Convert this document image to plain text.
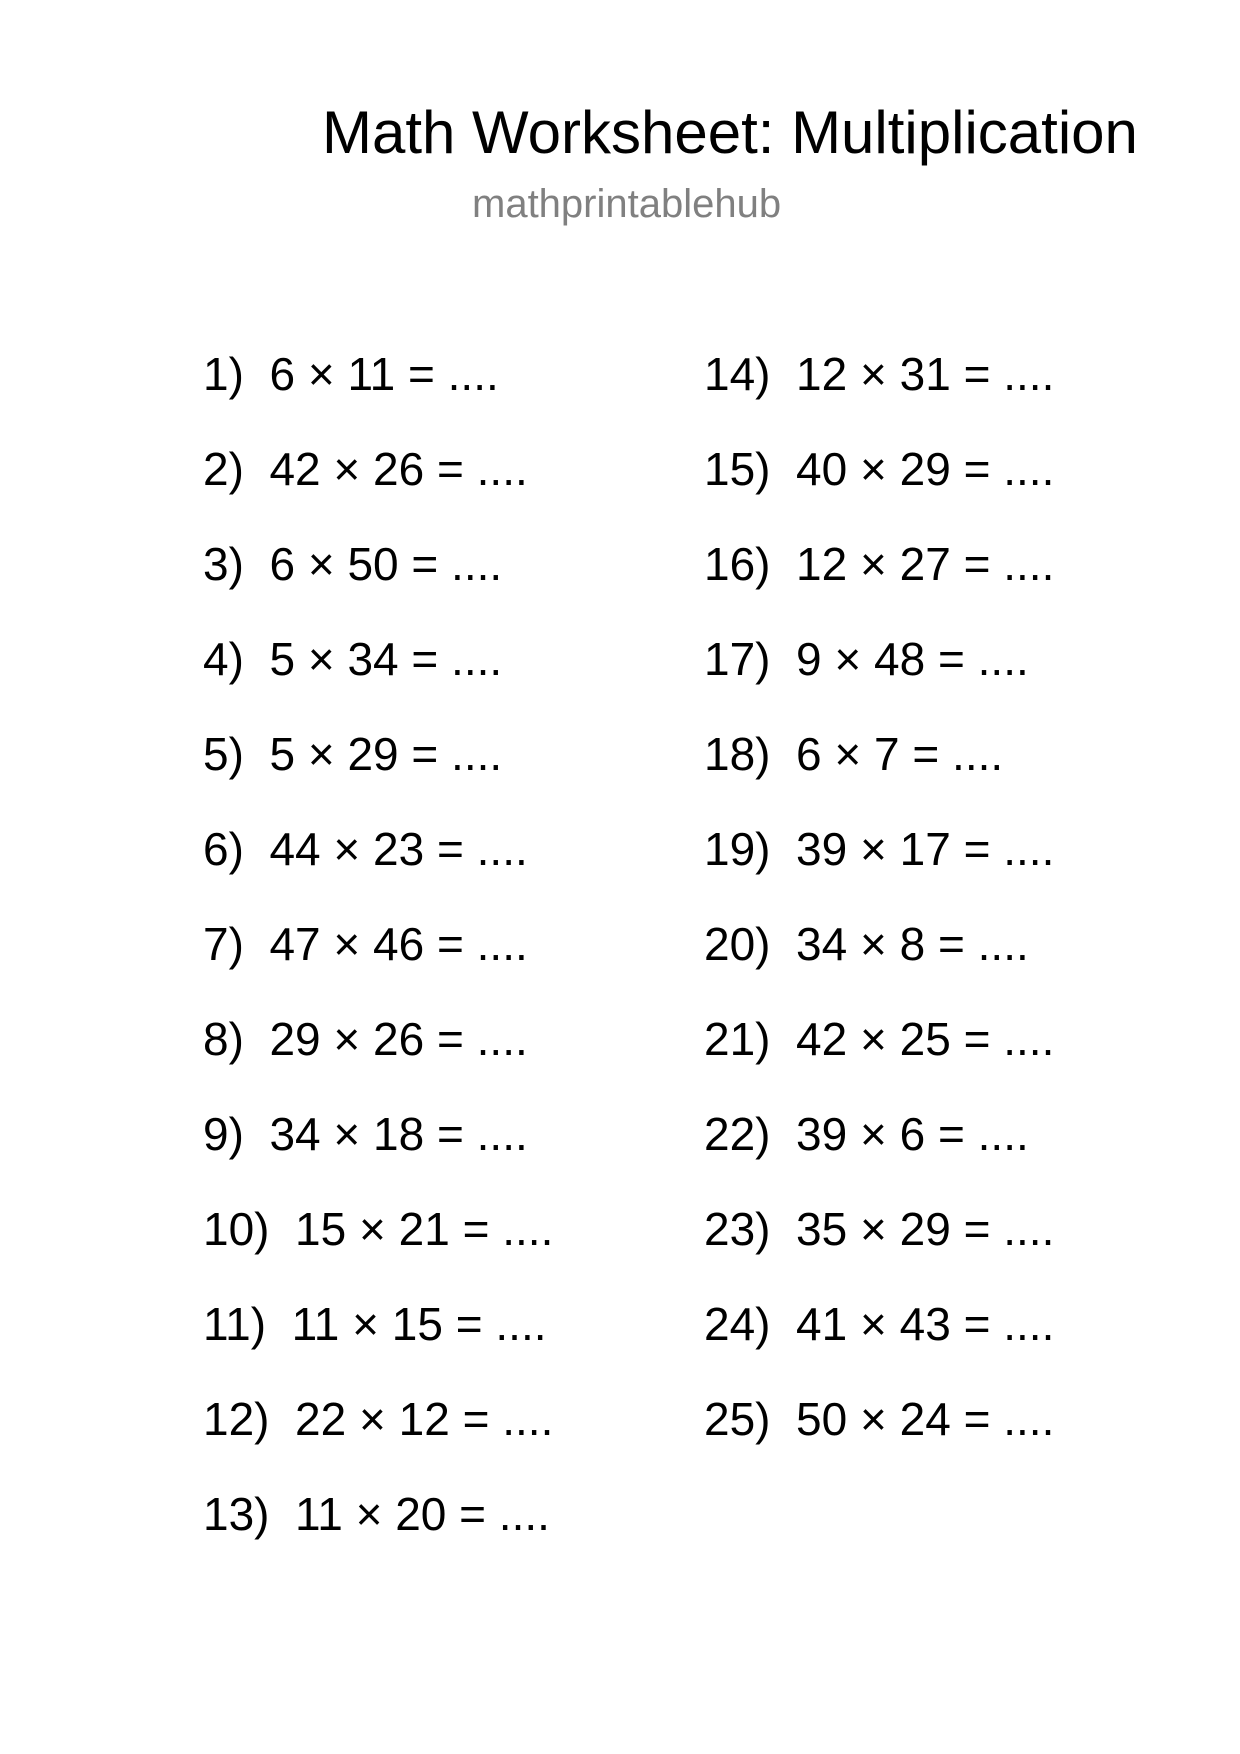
Math Worksheet: Multiplication
mathprintablehub
1)  6 × 11 = ....
2)  42 × 26 = ....
3)  6 × 50 = ....
4)  5 × 34 = ....
5)  5 × 29 = ....
6)  44 × 23 = ....
7)  47 × 46 = ....
8)  29 × 26 = ....
9)  34 × 18 = ....
10)  15 × 21 = ....
11)  11 × 15 = ....
12)  22 × 12 = ....
13)  11 × 20 = ....
14)  12 × 31 = ....
15)  40 × 29 = ....
16)  12 × 27 = ....
17)  9 × 48 = ....
18)  6 × 7 = ....
19)  39 × 17 = ....
20)  34 × 8 = ....
21)  42 × 25 = ....
22)  39 × 6 = ....
23)  35 × 29 = ....
24)  41 × 43 = ....
25)  50 × 24 = ....
